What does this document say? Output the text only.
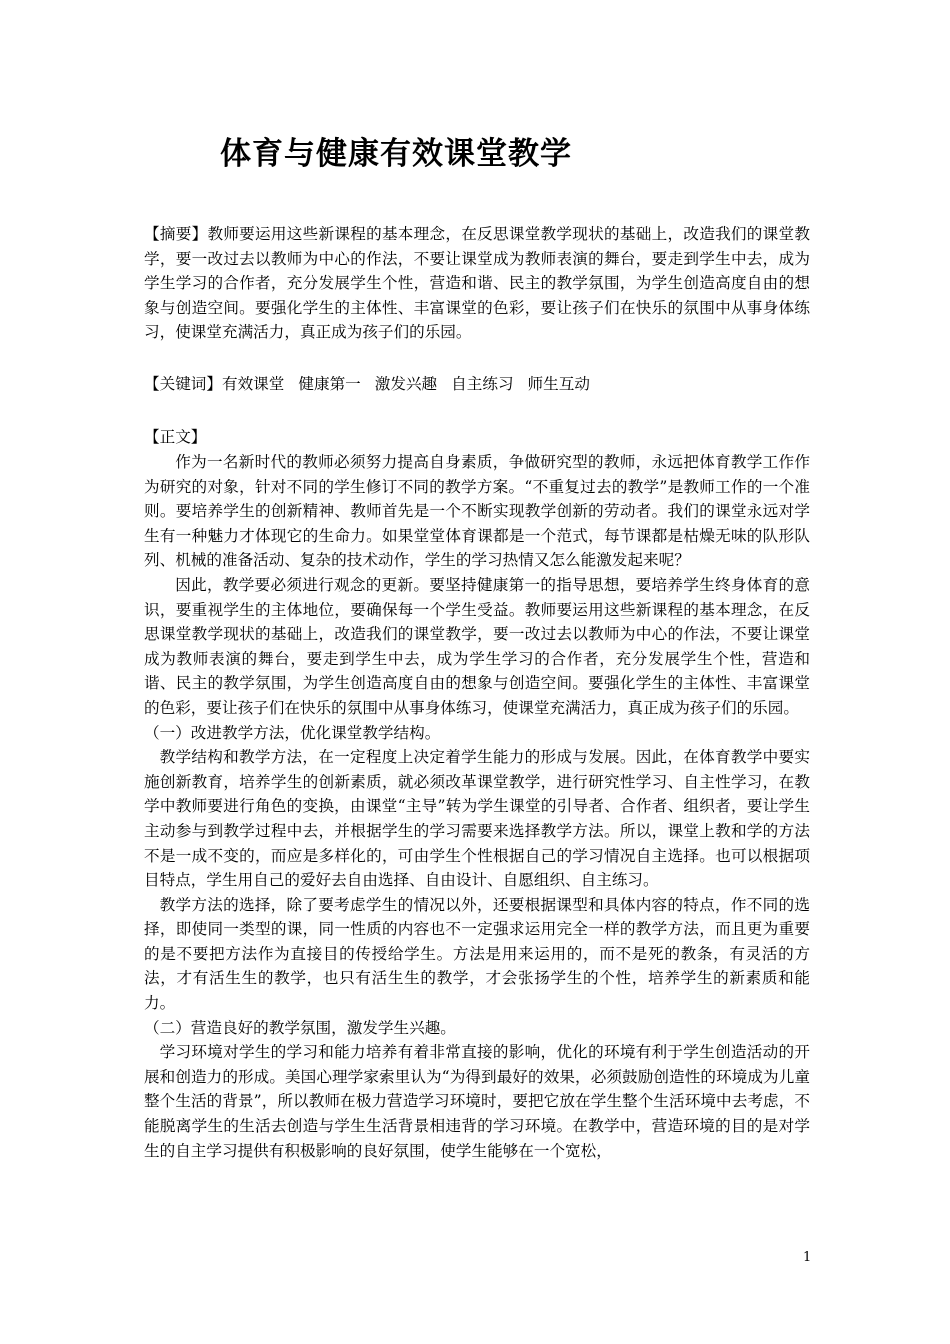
体育与健康有效课堂教学
【摘要】教师要运用这些新课程的基本理念，在反思课堂教学现状的基础上，改造我们的课堂教学，要一改过去以教师为中心的作法，不要让课堂成为教师表演的舞台，要走到学生中去，成为学生学习的合作者，充分发展学生个性，营造和谐、民主的教学氛围，为学生创造高度自由的想象与创造空间。要强化学生的主体性、丰富课堂的色彩，要让孩子们在快乐的氛围中从事身体练习，使课堂充满活力，真正成为孩子们的乐园。
【关键词】有效课堂 健康第一 激发兴趣 自主练习 师生互动
【正文】

作为一名新时代的教师必须努力提高自身素质，争做研究型的教师，永远把体育教学工作作为研究的对象，针对不同的学生修订不同的教学方案。“不重复过去的教学”是教师工作的一个准则。要培养学生的创新精神、教师首先是一个不断实现教学创新的劳动者。我们的课堂永远对学生有一种魅力才体现它的生命力。如果堂堂体育课都是一个范式，每节课都是枯燥无味的队形队列、机械的准备活动、复杂的技术动作，学生的学习热情又怎么能激发起来呢？

因此，教学要必须进行观念的更新。要坚持健康第一的指导思想，要培养学生终身体育的意识，要重视学生的主体地位，要确保每一个学生受益。教师要运用这些新课程的基本理念，在反思课堂教学现状的基础上，改造我们的课堂教学，要一改过去以教师为中心的作法，不要让课堂成为教师表演的舞台，要走到学生中去，成为学生学习的合作者，充分发展学生个性，营造和谐、民主的教学氛围，为学生创造高度自由的想象与创造空间。要强化学生的主体性、丰富课堂的色彩，要让孩子们在快乐的氛围中从事身体练习，使课堂充满活力，真正成为孩子们的乐园。

（一）改进教学方法，优化课堂教学结构。

教学结构和教学方法，在一定程度上决定着学生能力的形成与发展。因此，在体育教学中要实施创新教育，培养学生的创新素质，就必须改革课堂教学，进行研究性学习、自主性学习，在教学中教师要进行角色的变换，由课堂“主导”转为学生课堂的引导者、合作者、组织者，要让学生主动参与到教学过程中去，并根据学生的学习需要来选择教学方法。所以，课堂上教和学的方法不是一成不变的，而应是多样化的，可由学生个性根据自己的学习情况自主选择。也可以根据项目特点，学生用自己的爱好去自由选择、自由设计、自愿组织、自主练习。

教学方法的选择，除了要考虑学生的情况以外，还要根据课型和具体内容的特点，作不同的选择，即使同一类型的课，同一性质的内容也不一定强求运用完全一样的教学方法，而且更为重要的是不要把方法作为直接目的传授给学生。方法是用来运用的，而不是死的教条，有灵活的方法，才有活生生的教学，也只有活生生的教学，才会张扬学生的个性，培养学生的新素质和能力。

（二）营造良好的教学氛围，激发学生兴趣。

学习环境对学生的学习和能力培养有着非常直接的影响，优化的环境有利于学生创造活动的开展和创造力的形成。美国心理学家索里认为“为得到最好的效果，必须鼓励创造性的环境成为儿童整个生活的背景”，所以教师在极力营造学习环境时，要把它放在学生整个生活环境中去考虑，不能脱离学生的生活去创造与学生生活背景相违背的学习环境。在教学中，营造环境的目的是对学生的自主学习提供有积极影响的良好氛围，使学生能够在一个宽松，

1
